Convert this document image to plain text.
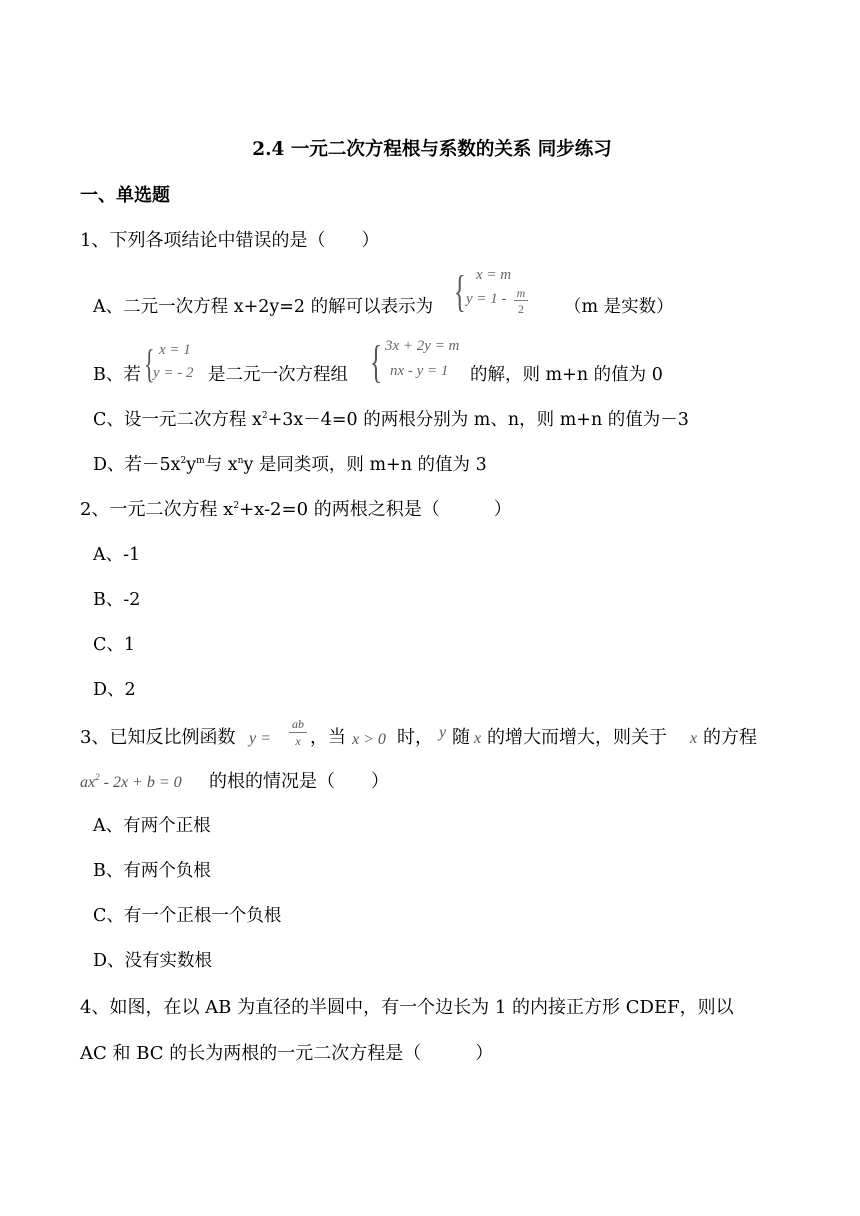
2.4 一元二次方程根与系数的关系 同步练习
一、单选题
1、下列各项结论中错误的是（　　）
A、二元一次方程 x+2y=2 的解可以表示为 { x = m
y = 1 - m
2 （m 是实数）
B、若 { x = 1
y = - 2 是二元一次方程组 { 3x + 2y = m
nx - y = 1 的解，则 m+n 的值为 0
C、设一元二次方程 $x^2+3x-4=0$ 的两根分别为 m、n，则 m+n 的值为－3
D、若$-5x^2y^m$与 $x^ny$ 是同类项，则 m+n 的值为 3
2、一元二次方程 $x^2+x-2=0$ 的两根之积是（　　　）
A、-1
B、-2
C、1
D、2
3、已知反比例函数 y =
ab
x ，当 x > 0 时， y 随 x 的增大而增大，则关于 x 的方程
$ax^2 - 2x + b = 0$ 的根的情况是（　　）
A、有两个正根
B、有两个负根
C、有一个正根一个负根
D、没有实数根
4、如图，在以 AB 为直径的半圆中，有一个边长为 1 的内接正方形 CDEF，则以
AC 和 BC 的长为两根的一元二次方程是（　　　）
